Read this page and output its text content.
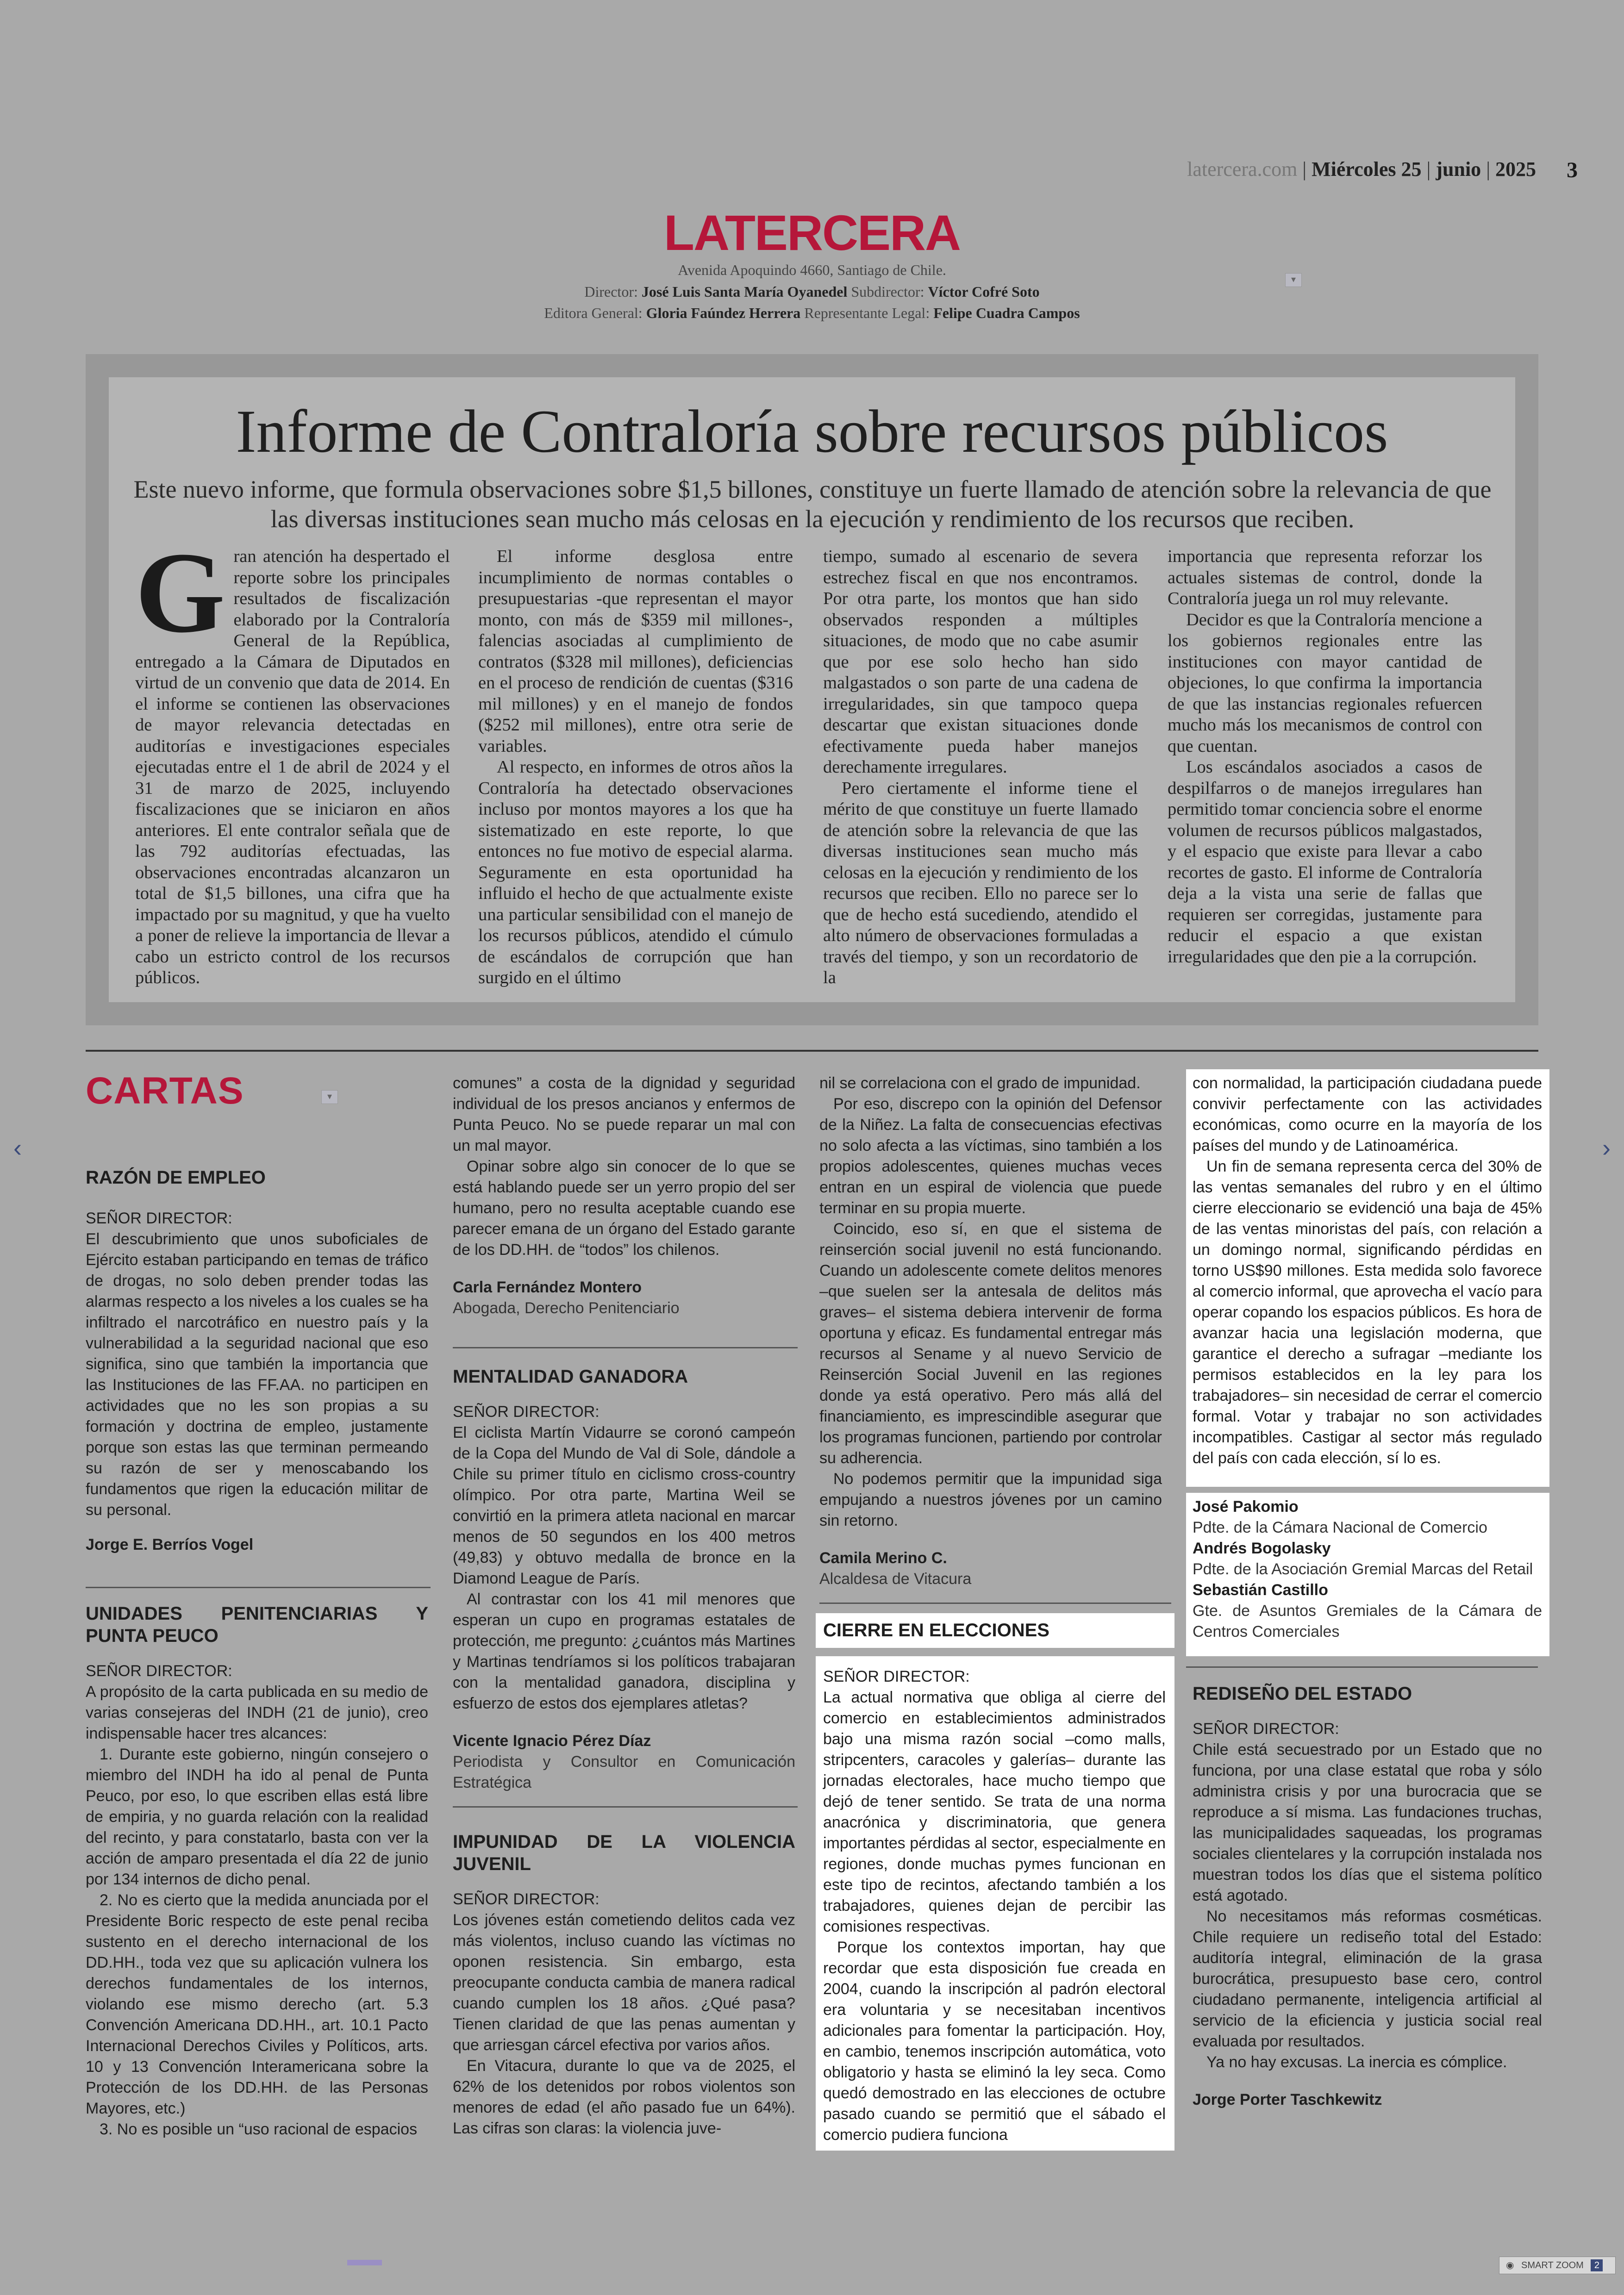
latercera.com | Miércoles 25 | junio | 2025 3
LATERCERA
Avenida Apoquindo 4660, Santiago de Chile.
Director: José Luis Santa María Oyanedel Subdirector: Víctor Cofré Soto
Editora General: Gloria Faúndez Herrera Representante Legal: Felipe Cuadra Campos
▾
Informe de Contraloría sobre recursos públicos
Este nuevo informe, que formula observaciones sobre $1,5 billones, constituye un fuerte llamado de atención sobre la relevancia de que las diversas instituciones sean mucho más celosas en la ejecución y rendimiento de los recursos que reciben.
G ran atención ha despertado el reporte sobre los principales resultados de fiscalización elaborado por la Contraloría General de la República, entregado a la Cámara de Diputados en virtud de un convenio que data de 2014. En el informe se contienen las observaciones de mayor relevancia detectadas en auditorías e investigaciones especiales ejecutadas entre el 1 de abril de 2024 y el 31 de marzo de 2025, incluyendo fiscalizaciones que se iniciaron en años anteriores. El ente contralor señala que de las 792 auditorías efectuadas, las observaciones encontradas alcanzaron un total de $1,5 billones, una cifra que ha impactado por su magnitud, y que ha vuelto a poner de relieve la importancia de llevar a cabo un estricto control de los recursos públicos.

El informe desglosa entre incumplimiento de normas contables o presupuestarias -que representan el mayor monto, con más de $359 mil millones-, falencias asociadas al cumplimiento de contratos ($328 mil millones), deficiencias en el proceso de rendición de cuentas ($316 mil millones) y en el manejo de fondos ($252 mil millones), entre otra serie de variables.

Al respecto, en informes de otros años la Contraloría ha detectado observaciones incluso por montos mayores a los que ha sistematizado en este reporte, lo que entonces no fue motivo de especial alarma. Seguramente en esta oportunidad ha influido el hecho de que actualmente existe una particular sensibilidad con el manejo de los recursos públicos, atendido el cúmulo de escándalos de corrupción que han surgido en el último

tiempo, sumado al escenario de severa estrechez fiscal en que nos encontramos. Por otra parte, los montos que han sido observados responden a múltiples situaciones, de modo que no cabe asumir que por ese solo hecho han sido malgastados o son parte de una cadena de irregularidades, sin que tampoco quepa descartar que existan situaciones donde efectivamente pueda haber manejos derechamente irregulares.

Pero ciertamente el informe tiene el mérito de que constituye un fuerte llamado de atención sobre la relevancia de que las diversas instituciones sean mucho más celosas en la ejecución y rendimiento de los recursos que reciben. Ello no parece ser lo que de hecho está sucediendo, atendido el alto número de observaciones formuladas a través del tiempo, y son un recordatorio de la

importancia que representa reforzar los actuales sistemas de control, donde la Contraloría juega un rol muy relevante.

Decidor es que la Contraloría mencione a los gobiernos regionales entre las instituciones con mayor cantidad de objeciones, lo que confirma la importancia de que las instancias regionales refuercen mucho más los mecanismos de control con que cuentan.

Los escándalos asociados a casos de despilfarros o de manejos irregulares han permitido tomar conciencia sobre el enorme volumen de recursos públicos malgastados, y el espacio que existe para llevar a cabo recortes de gasto. El informe de Contraloría deja a la vista una serie de fallas que requieren ser corregidas, justamente para reducir el espacio a que existan irregularidades que den pie a la corrupción.

CARTAS	▾

RAZÓN DE EMPLEO

SEÑOR DIRECTOR:

El descubrimiento que unos suboficiales de Ejército estaban participando en temas de tráfico de drogas, no solo deben prender todas las alarmas respecto a los niveles a los cuales se ha infiltrado el narcotráfico en nuestro país y la vulnerabilidad a la seguridad nacional que eso significa, sino que también la importancia que las Instituciones de las FF.AA. no participen en actividades que no les son propias a su formación y doctrina de empleo, justamente porque son estas las que terminan permeando su razón de ser y menoscabando los fundamentos que rigen la educación militar de su personal.

Jorge E. Berríos Vogel

UNIDADES PENITENCIARIAS Y PUNTA PEUCO

SEÑOR DIRECTOR:

A propósito de la carta publicada en su medio de varias consejeras del INDH (21 de junio), creo indispensable hacer tres alcances:

1. Durante este gobierno, ningún consejero o miembro del INDH ha ido al penal de Punta Peuco, por eso, lo que escriben ellas está libre de empiria, y no guarda relación con la realidad del recinto, y para constatarlo, basta con ver la acción de amparo presentada el día 22 de junio por 134 internos de dicho penal.

2. No es cierto que la medida anunciada por el Presidente Boric respecto de este penal reciba sustento en el derecho internacional de los DD.HH., toda vez que su aplicación vulnera los derechos fundamentales de los internos, violando ese mismo derecho (art. 5.3 Convención Americana DD.HH., art. 10.1 Pacto Internacional Derechos Civiles y Políticos, arts. 10 y 13 Convención Interamericana sobre la Protección de los DD.HH. de las Personas Mayores, etc.)

3. No es posible un “uso racional de espacios

comunes” a costa de la dignidad y seguridad individual de los presos ancianos y enfermos de Punta Peuco. No se puede reparar un mal con un mal mayor.

Opinar sobre algo sin conocer de lo que se está hablando puede ser un yerro propio del ser humano, pero no resulta aceptable cuando ese parecer emana de un órgano del Estado garante de los DD.HH. de “todos” los chilenos.

Carla Fernández Montero

Abogada, Derecho Penitenciario

MENTALIDAD GANADORA

SEÑOR DIRECTOR:

El ciclista Martín Vidaurre se coronó campeón de la Copa del Mundo de Val di Sole, dándole a Chile su primer título en ciclismo cross-country olímpico. Por otra parte, Martina Weil se convirtió en la primera atleta nacional en marcar menos de 50 segundos en los 400 metros (49,83) y obtuvo medalla de bronce en la Diamond League de París.

Al contrastar con los 41 mil menores que esperan un cupo en programas estatales de protección, me pregunto: ¿cuántos más Martines y Martinas tendríamos si los políticos trabajaran con la mentalidad ganadora, disciplina y esfuerzo de estos dos ejemplares atletas?

Vicente Ignacio Pérez Díaz

Periodista y Consultor en Comunicación Estratégica

IMPUNIDAD DE LA VIOLENCIA JUVENIL

SEÑOR DIRECTOR:

Los jóvenes están cometiendo delitos cada vez más violentos, incluso cuando las víctimas no oponen resistencia. Sin embargo, esta preocupante conducta cambia de manera radical cuando cumplen los 18 años. ¿Qué pasa? Tienen claridad de que las penas aumentan y que arriesgan cárcel efectiva por varios años.

En Vitacura, durante lo que va de 2025, el 62% de los detenidos por robos violentos son menores de edad (el año pasado fue un 64%). Las cifras son claras: la violencia juve-

nil se correlaciona con el grado de impunidad.

Por eso, discrepo con la opinión del Defensor de la Niñez. La falta de consecuencias efectivas no solo afecta a las víctimas, sino también a los propios adolescentes, quienes muchas veces entran en un espiral de violencia que puede terminar en su propia muerte.

Coincido, eso sí, en que el sistema de reinserción social juvenil no está funcionando. Cuando un adolescente comete delitos menores –que suelen ser la antesala de delitos más graves– el sistema debiera intervenir de forma oportuna y eficaz. Es fundamental entregar más recursos al Sename y al nuevo Servicio de Reinserción Social Juvenil en las regiones donde ya está operativo. Pero más allá del financiamiento, es imprescindible asegurar que los programas funcionen, partiendo por controlar su adherencia.

No podemos permitir que la impunidad siga empujando a nuestros jóvenes por un camino sin retorno.

Camila Merino C.

Alcaldesa de Vitacura

CIERRE EN ELECCIONES

SEÑOR DIRECTOR:

La actual normativa que obliga al cierre del comercio en establecimientos administrados bajo una misma razón social –como malls, stripcenters, caracoles y galerías– durante las jornadas electorales, hace mucho tiempo que dejó de tener sentido. Se trata de una norma anacrónica y discriminatoria, que genera importantes pérdidas al sector, especialmente en regiones, donde muchas pymes funcionan en este tipo de recintos, afectando también a los trabajadores, quienes dejan de percibir las comisiones respectivas.

Porque los contextos importan, hay que recordar que esta disposición fue creada en 2004, cuando la inscripción al padrón electoral era voluntaria y se necesitaban incentivos adicionales para fomentar la participación. Hoy, en cambio, tenemos inscripción automática, voto obligatorio y hasta se eliminó la ley seca. Como quedó demostrado en las elecciones de octubre pasado cuando se permitió que el sábado el comercio pudiera funciona

con normalidad, la participación ciudadana puede convivir perfectamente con las actividades económicas, como ocurre en la mayoría de los países del mundo y de Latinoamérica.

Un fin de semana representa cerca del 30% de las ventas semanales del rubro y en el último cierre eleccionario se evidenció una baja de 45% de las ventas minoristas del país, con relación a un domingo normal, significando pérdidas en torno US$90 millones. Esta medida solo favorece al comercio informal, que aprovecha el vacío para operar copando los espacios públicos. Es hora de avanzar hacia una legislación moderna, que garantice el derecho a sufragar –mediante los permisos establecidos en la ley para los trabajadores– sin necesidad de cerrar el comercio formal. Votar y trabajar no son actividades incompatibles. Castigar al sector más regulado del país con cada elección, sí lo es.

José Pakomio

Pdte. de la Cámara Nacional de Comercio

Andrés Bogolasky

Pdte. de la Asociación Gremial Marcas del Retail

Sebastián Castillo

Gte. de Asuntos Gremiales de la Cámara de Centros Comerciales

REDISEÑO DEL ESTADO

SEÑOR DIRECTOR:

Chile está secuestrado por un Estado que no funciona, por una clase estatal que roba y sólo administra crisis y por una burocracia que se reproduce a sí misma. Las fundaciones truchas, las municipalidades saqueadas, los programas sociales clientelares y la corrupción instalada nos muestran todos los días que el sistema político está agotado.

No necesitamos más reformas cosméticas. Chile requiere un rediseño total del Estado: auditoría integral, eliminación de la grasa burocrática, presupuesto base cero, control ciudadano permanente, inteligencia artificial al servicio de la eficiencia y justicia social real evaluada por resultados.

Ya no hay excusas. La inercia es cómplice.

Jorge Porter Taschkewitz

‹	›
◉ SMART ZOOM 2
